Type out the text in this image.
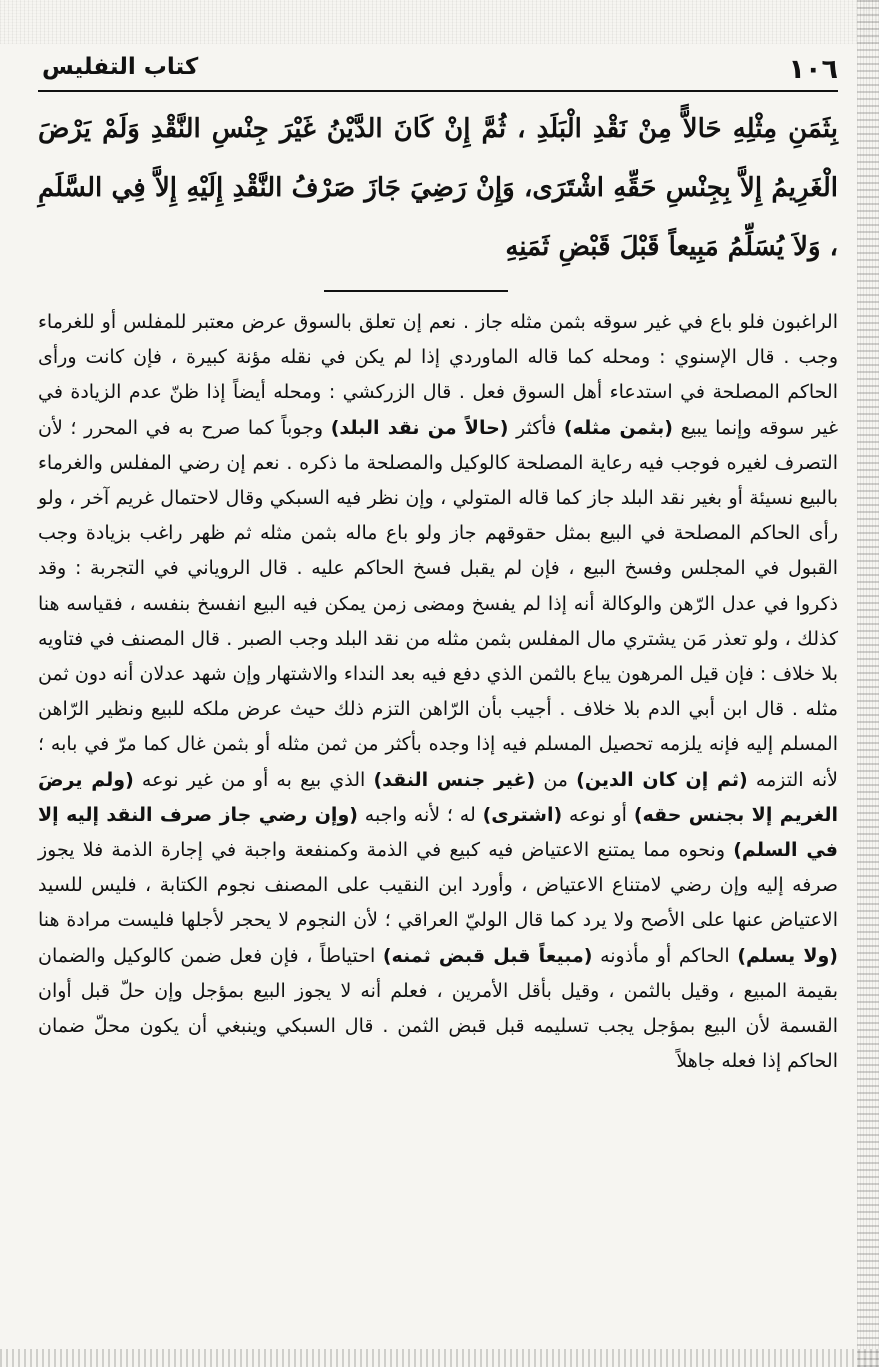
١٠٦
كتاب التفليس

بِثَمَنِ مِثْلِهِ حَالاًّ مِنْ نَقْدِ الْبَلَدِ ، ثُمَّ إِنْ كَانَ الدَّيْنُ غَيْرَ جِنْسِ النَّقْدِ وَلَمْ يَرْضَ الْغَرِيمُ إِلاَّ بِجِنْسِ حَقِّهِ اشْتَرَى، وَإِنْ رَضِيَ جَازَ صَرْفُ النَّقْدِ إِلَيْهِ إِلاَّ فِي السَّلَمِ ، وَلاَ يُسَلِّمُ مَبِيعاً قَبْلَ قَبْضِ ثَمَنِهِ

الراغبون فلو باع في غير سوقه بثمن مثله جاز . نعم إن تعلق بالسوق عرض معتبر للمفلس أو للغرماء وجب . قال الإسنوي : ومحله كما قاله الماوردي إذا لم يكن في نقله مؤنة كبيرة ، فإن كانت ورأى الحاكم المصلحة في استدعاء أهل السوق فعل . قال الزركشي : ومحله أيضاً إذا ظنّ عدم الزيادة في غير سوقه وإنما يبيع (بثمن مثله) فأكثر (حالاً من نقد البلد) وجوباً كما صرح به في المحرر ؛ لأن التصرف لغيره فوجب فيه رعاية المصلحة كالوكيل والمصلحة ما ذكره . نعم إن رضي المفلس والغرماء بالبيع نسيئة أو بغير نقد البلد جاز كما قاله المتولي ، وإن نظر فيه السبكي وقال لاحتمال غريم آخر ، ولو رأى الحاكم المصلحة في البيع بمثل حقوقهم جاز ولو باع ماله بثمن مثله ثم ظهر راغب بزيادة وجب القبول في المجلس وفسخ البيع ، فإن لم يقبل فسخ الحاكم عليه . قال الروياني في التجربة : وقد ذكروا في عدل الرّهن والوكالة أنه إذا لم يفسخ ومضى زمن يمكن فيه البيع انفسخ بنفسه ، فقياسه هنا كذلك ، ولو تعذر مَن يشتري مال المفلس بثمن مثله من نقد البلد وجب الصبر . قال المصنف في فتاويه بلا خلاف : فإن قيل المرهون يباع بالثمن الذي دفع فيه بعد النداء والاشتهار وإن شهد عدلان أنه دون ثمن مثله . قال ابن أبي الدم بلا خلاف . أجيب بأن الرّاهن التزم ذلك حيث عرض ملكه للبيع ونظير الرّاهن المسلم إليه فإنه يلزمه تحصيل المسلم فيه إذا وجده بأكثر من ثمن مثله أو بثمن غال كما مرّ في بابه ؛ لأنه التزمه (ثم إن كان الدين) من (غير جنس النقد) الذي بيع به أو من غير نوعه (ولم يرضَ الغريم إلا بجنس حقه) أو نوعه (اشترى) له ؛ لأنه واجبه (وإن رضي جاز صرف النقد إليه إلا في السلم) ونحوه مما يمتنع الاعتياض فيه كبيع في الذمة وكمنفعة واجبة في إجارة الذمة فلا يجوز صرفه إليه وإن رضي لامتناع الاعتياض ، وأورد ابن النقيب على المصنف نجوم الكتابة ، فليس للسيد الاعتياض عنها على الأصح ولا يرد كما قال الوليّ العراقي ؛ لأن النجوم لا يحجر لأجلها فليست مرادة هنا (ولا يسلم) الحاكم أو مأذونه (مبيعاً قبل قبض ثمنه) احتياطاً ، فإن فعل ضمن كالوكيل والضمان بقيمة المبيع ، وقيل بالثمن ، وقيل بأقل الأمرين ، فعلم أنه لا يجوز البيع بمؤجل وإن حلّ قبل أوان القسمة لأن البيع بمؤجل يجب تسليمه قبل قبض الثمن . قال السبكي وينبغي أن يكون محلّ ضمان الحاكم إذا فعله جاهلاً
